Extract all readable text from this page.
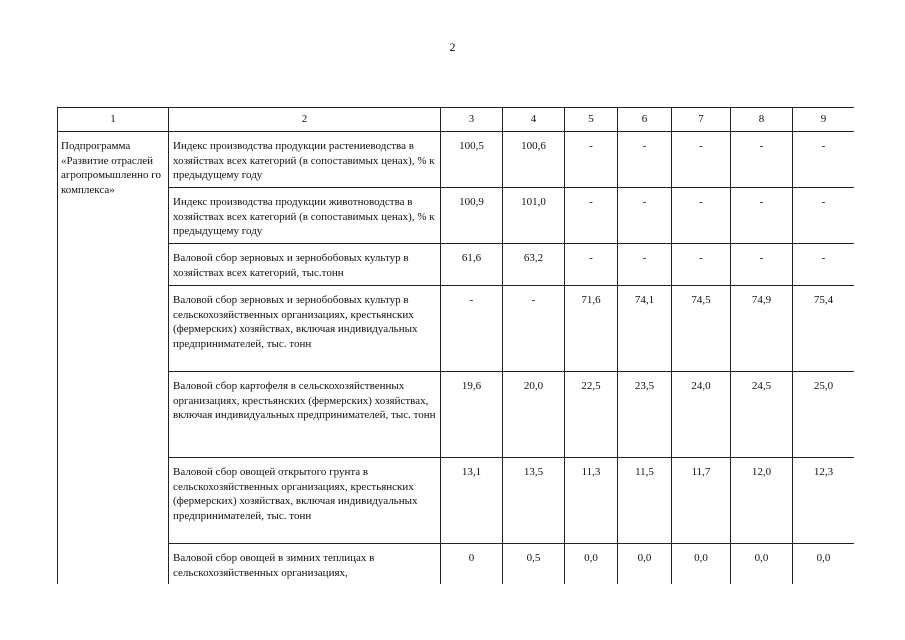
2
1	2	3	4	5	6	7	8	9
Подпрограмма «Развитие отраслей агропромышленно го комплекса»	Индекс производства продукции растениеводства в хозяйствах всех категорий (в сопоставимых ценах), % к предыдущему году	100,5	100,6	-	-	-	-	-
	Индекс производства продукции животноводства в хозяйствах всех категорий (в сопоставимых ценах), % к предыдущему году	100,9	101,0	-	-	-	-	-
	Валовой сбор зерновых и зернобобовых культур в хозяйствах всех категорий, тыс.тонн	61,6	63,2	-	-	-	-	-
	Валовой сбор зерновых и зернобобовых культур в сельскохозяйственных организациях, крестьянских (фермерских) хозяйствах, включая индивидуальных предпринимателей, тыс. тонн	-	-	71,6	74,1	74,5	74,9	75,4
	Валовой сбор картофеля в сельскохозяйственных организациях, крестьянских (фермерских) хозяйствах, включая индивидуальных предпринимателей, тыс. тонн	19,6	20,0	22,5	23,5	24,0	24,5	25,0
	Валовой сбор овощей открытого грунта в сельскохозяйственных организациях, крестьянских (фермерских) хозяйствах, включая индивидуальных предпринимателей, тыс. тонн	13,1	13,5	11,3	11,5	11,7	12,0	12,3
	Валовой сбор овощей в зимних теплицах в сельскохозяйственных организациях,	0	0,5	0,0	0,0	0,0	0,0	0,0
